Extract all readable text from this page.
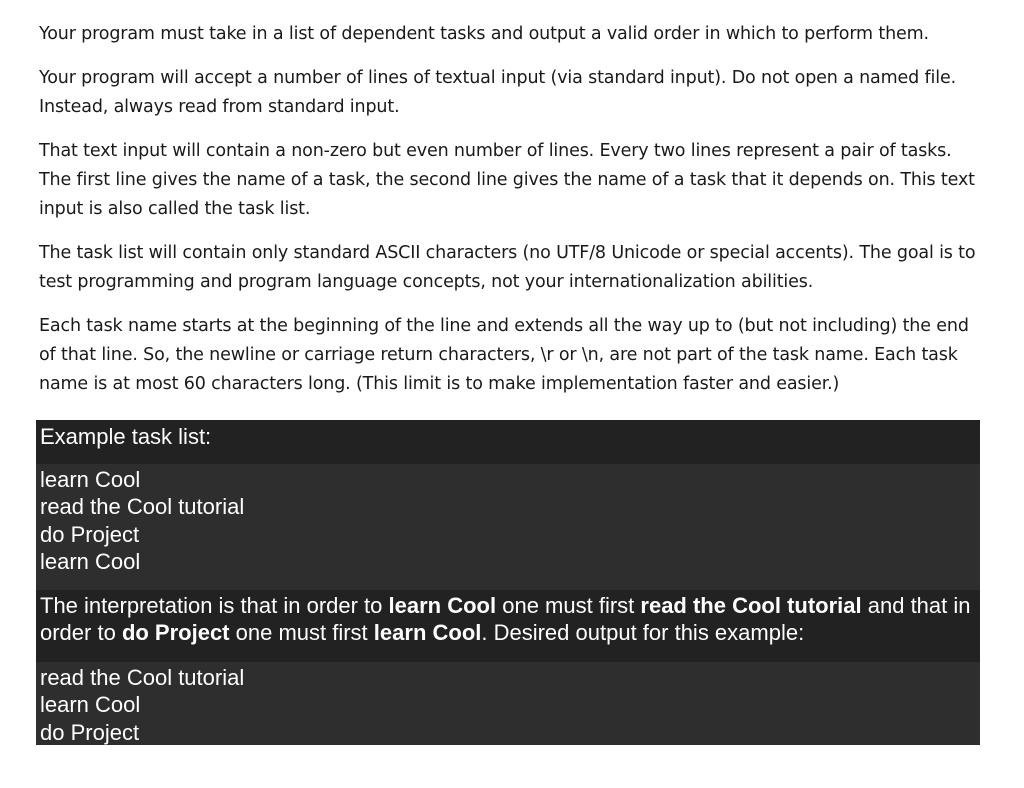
Your program must take in a list of dependent tasks and output a valid order in which to perform them.

Your program will accept a number of lines of textual input (via standard input). Do not open a named file. Instead, always read from standard input.

That text input will contain a non-zero but even number of lines. Every two lines represent a pair of tasks. The first line gives the name of a task, the second line gives the name of a task that it depends on. This text input is also called the task list.

The task list will contain only standard ASCII characters (no UTF/8 Unicode or special accents). The goal is to test programming and program language concepts, not your internationalization abilities.

Each task name starts at the beginning of the line and extends all the way up to (but not including) the end of that line. So, the newline or carriage return characters, \r or \n, are not part of the task name. Each task name is at most 60 characters long. (This limit is to make implementation faster and easier.)

Example task list:
learn Cool
read the Cool tutorial
do Project
learn Cool
The interpretation is that in order to learn Cool one must first read the Cool tutorial and that in order to do Project one must first learn Cool. Desired output for this example:
read the Cool tutorial
learn Cool
do Project
